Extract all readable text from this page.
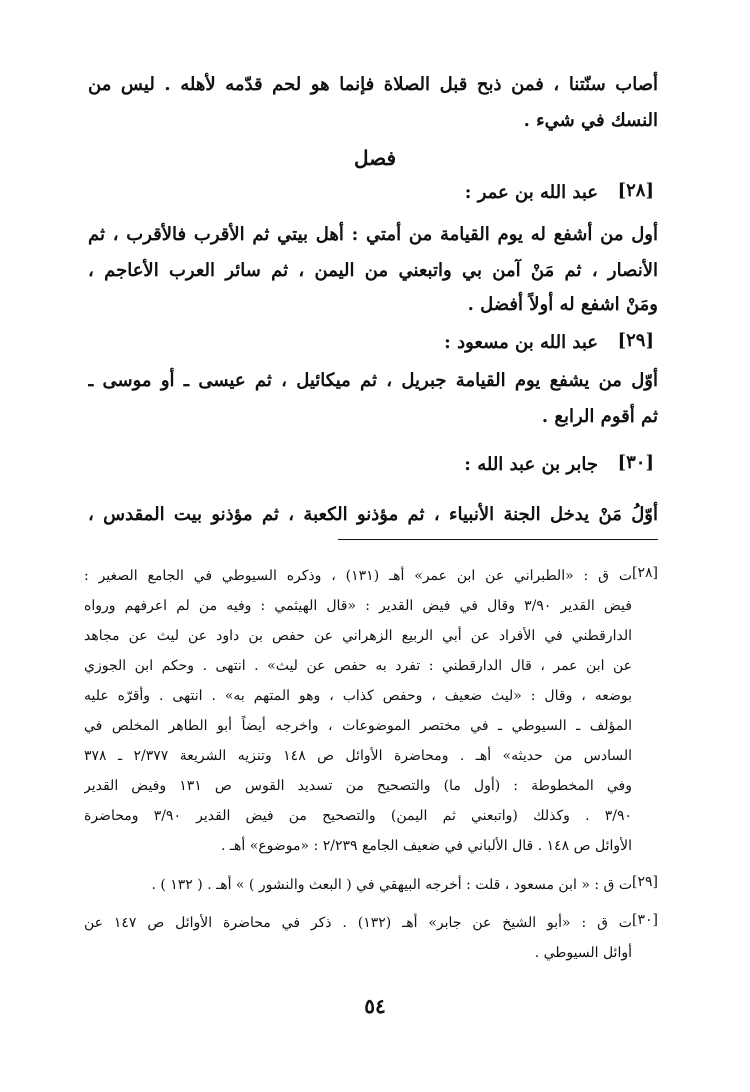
أصاب سنّتنا ، فمن ذبح قبل الصلاة فإنما هو لحم قدّمه لأهله . ليس من
النسك في شيء .
فصل
[٢٨]
عبد الله بن عمر :
أول من أشفع له يوم القيامة من أمتي : أهل بيتي ثم الأقرب فالأقرب ، ثم
الأنصار ، ثم مَنْ آمن بي واتبعني من اليمن ، ثم سائر العرب الأعاجم ،
ومَنْ اشفع له أولاً أفضل .
[٢٩]
عبد الله بن مسعود :
أوّل من يشفع يوم القيامة جبريل ، ثم ميكائيل ، ثم عيسى ـ أو موسى ـ
ثم أقوم الرابع .
[٣٠]
جابر بن عبد الله :
أوّلُ مَنْ يدخل الجنة الأنبياء ، ثم مؤذنو الكعبة ، ثم مؤذنو بيت المقدس ،
[٢٨]
ت ق : «الطبراني عن ابن عمر» أهـ (١٣١) ، وذكره السيوطي في الجامع الصغير :
فيض القدير ٣/٩٠ وقال في فيض القدير : «قال الهيثمي : وفيه من لم اعرفهم ورواه
الدارقطني في الأفراد عن أبي الربيع الزهراني عن حفص بن داود عن ليث عن مجاهد
عن ابن عمر ، قال الدارقطني : تفرد به حفص عن ليث» . انتهى . وحكم ابن الجوزي
بوضعه ، وقال : «ليث ضعيف ، وحفص كذاب ، وهو المتهم به» . انتهى . وأقرّه عليه
المؤلف ـ السيوطي ـ في مختصر الموضوعات ، واخرجه أيضاً أبو الطاهر المخلص في
السادس من حديثه» أهـ . ومحاضرة الأوائل ص ١٤٨ وتنزيه الشريعة ٢/٣٧٧ ـ ٣٧٨
وفي المخطوطة : (أول ما) والتصحيح من تسديد القوس ص ١٣١ وفيض القدير
٣/٩٠ . وكذلك (واتبعني ثم اليمن) والتصحيح من فيض القدير ٣/٩٠ ومحاضرة
الأوائل ص ١٤٨ . قال الألباني في ضعيف الجامع ٢/٢٣٩ : «موضوع» أهـ .
[٢٩]
ت ق : « ابن مسعود ، قلت : أخرجه البيهقي في ( البعث والنشور ) » أهـ . ( ١٣٢ ) .
[٣٠]
ت ق : «أبو الشيخ عن جابر» أهـ (١٣٢) . ذكر في محاضرة الأوائل ص ١٤٧ عن
أوائل السيوطي .
٥٤
